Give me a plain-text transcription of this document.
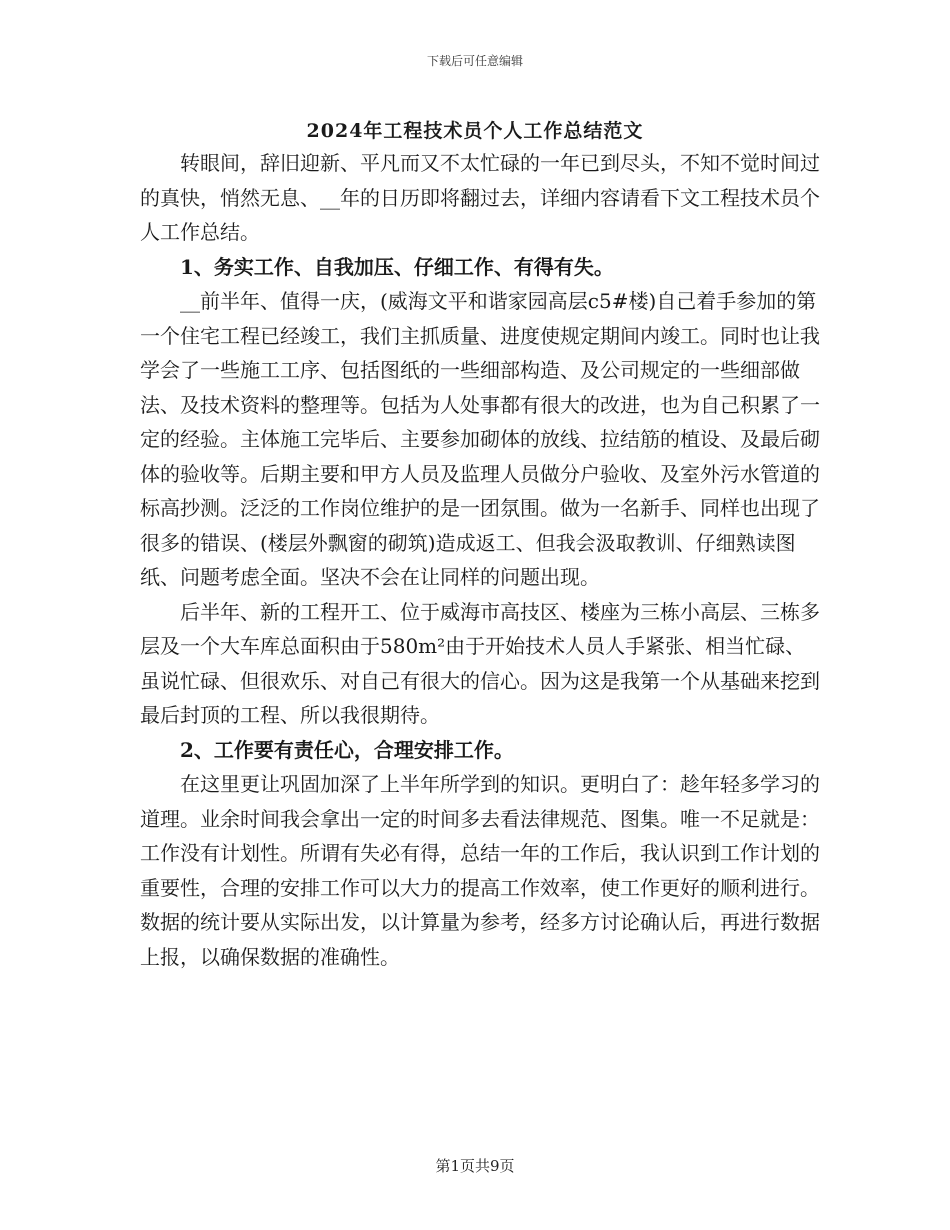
下载后可任意编辑
2024年工程技术员个人工作总结范文

转眼间，辞旧迎新、平凡而又不太忙碌的一年已到尽头，不知不觉时间过的真快，悄然无息、__年的日历即将翻过去，详细内容请看下文工程技术员个人工作总结。

1、务实工作、自我加压、仔细工作、有得有失。

__前半年、值得一庆，(威海文平和谐家园高层c5#楼)自己着手参加的第一个住宅工程已经竣工，我们主抓质量、进度使规定期间内竣工。同时也让我学会了一些施工工序、包括图纸的一些细部构造、及公司规定的一些细部做法、及技术资料的整理等。包括为人处事都有很大的改进，也为自己积累了一定的经验。主体施工完毕后、主要参加砌体的放线、拉结筋的植设、及最后砌体的验收等。后期主要和甲方人员及监理人员做分户验收、及室外污水管道的标高抄测。泛泛的工作岗位维护的是一团氛围。做为一名新手、同样也出现了很多的错误、(楼层外飘窗的砌筑)造成返工、但我会汲取教训、仔细熟读图纸、问题考虑全面。坚决不会在让同样的问题出现。

后半年、新的工程开工、位于威海市高技区、楼座为三栋小高层、三栋多层及一个大车库总面积由于580m²由于开始技术人员人手紧张、相当忙碌、虽说忙碌、但很欢乐、对自己有很大的信心。因为这是我第一个从基础来挖到最后封顶的工程、所以我很期待。

2、工作要有责任心，合理安排工作。

在这里更让巩固加深了上半年所学到的知识。更明白了：趁年轻多学习的道理。业余时间我会拿出一定的时间多去看法律规范、图集。唯一不足就是：工作没有计划性。所谓有失必有得，总结一年的工作后，我认识到工作计划的重要性，合理的安排工作可以大力的提高工作效率，使工作更好的顺利进行。数据的统计要从实际出发，以计算量为参考，经多方讨论确认后，再进行数据上报，以确保数据的准确性。

第1页共9页
